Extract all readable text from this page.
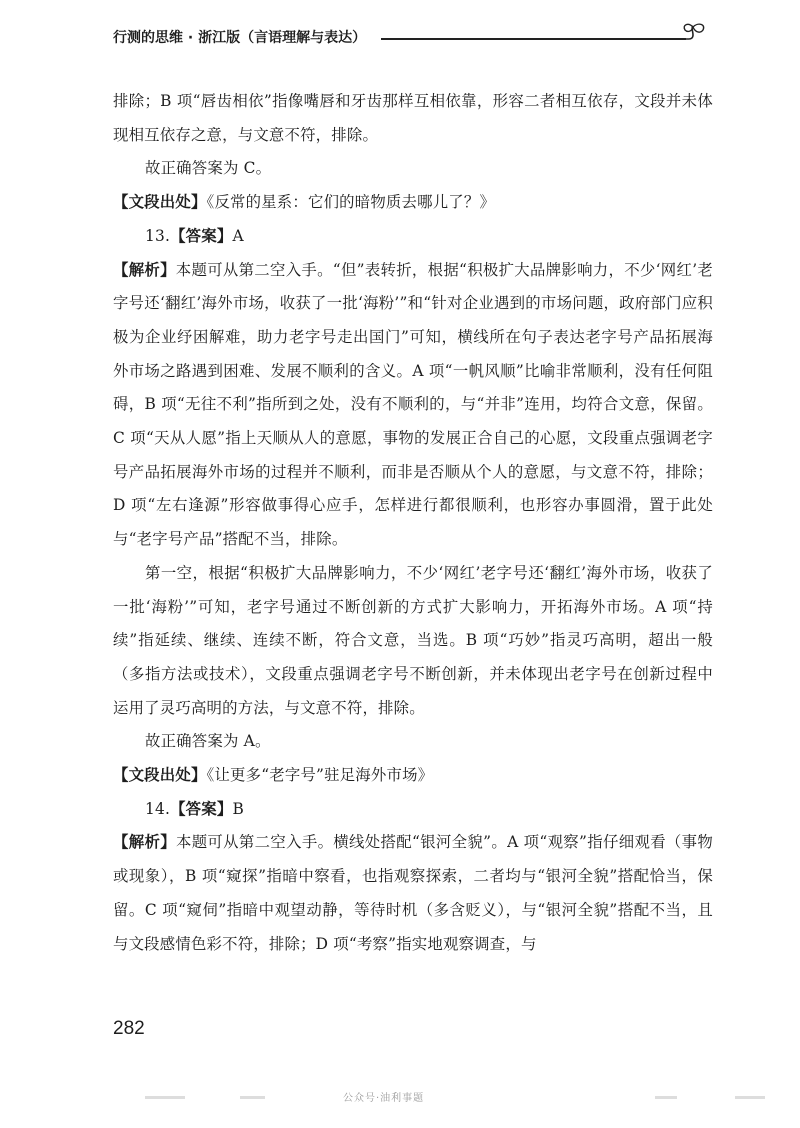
行测的思维 · 浙江版（言语理解与表达）

排除；B 项“唇齿相依”指像嘴唇和牙齿那样互相依靠，形容二者相互依存，文段并未体现相互依存之意，与文意不符，排除。

故正确答案为 C。

【文段出处】《反常的星系：它们的暗物质去哪儿了？》

13.【答案】A

【解析】本题可从第二空入手。“但”表转折，根据“积极扩大品牌影响力，不少‘网红’老字号还‘翻红’海外市场，收获了一批‘海粉’”和“针对企业遇到的市场问题，政府部门应积极为企业纾困解难，助力老字号走出国门”可知，横线所在句子表达老字号产品拓展海外市场之路遇到困难、发展不顺利的含义。A 项“一帆风顺”比喻非常顺利，没有任何阻碍，B 项“无往不利”指所到之处，没有不顺利的，与“并非”连用，均符合文意，保留。C 项“天从人愿”指上天顺从人的意愿，事物的发展正合自己的心愿，文段重点强调老字号产品拓展海外市场的过程并不顺利，而非是否顺从个人的意愿，与文意不符，排除；D 项“左右逢源”形容做事得心应手，怎样进行都很顺利，也形容办事圆滑，置于此处与“老字号产品”搭配不当，排除。

第一空，根据“积极扩大品牌影响力，不少‘网红’老字号还‘翻红’海外市场，收获了一批‘海粉’”可知，老字号通过不断创新的方式扩大影响力，开拓海外市场。A 项“持续”指延续、继续、连续不断，符合文意，当选。B 项“巧妙”指灵巧高明，超出一般（多指方法或技术），文段重点强调老字号不断创新，并未体现出老字号在创新过程中运用了灵巧高明的方法，与文意不符，排除。

故正确答案为 A。

【文段出处】《让更多“老字号”驻足海外市场》

14.【答案】B

【解析】本题可从第二空入手。横线处搭配“银河全貌”。A 项“观察”指仔细观看（事物或现象），B 项“窥探”指暗中察看，也指观察探索，二者均与“银河全貌”搭配恰当，保留。C 项“窥伺”指暗中观望动静，等待时机（多含贬义），与“银河全貌”搭配不当，且与文段感情色彩不符，排除；D 项“考察”指实地观察调查，与

282
公众号·油利事题
